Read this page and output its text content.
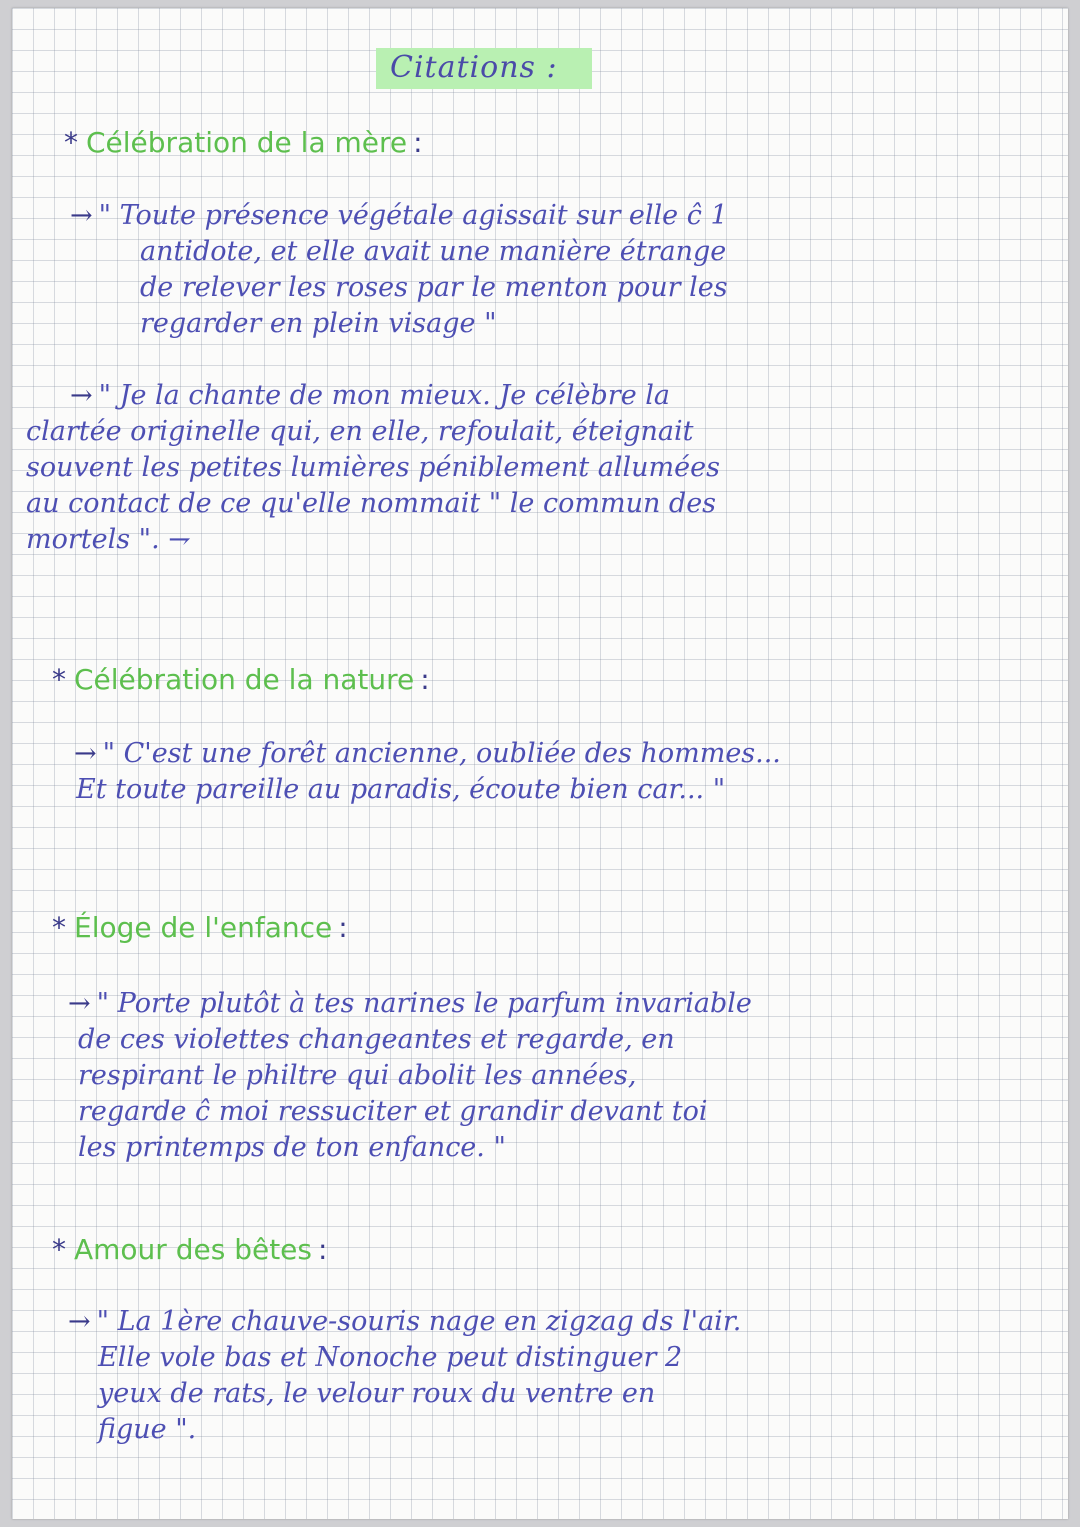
Citations :
* Célébration de la mère :
→ " Toute présence végétale agissait sur elle ĉ 1
antidote, et elle avait une manière étrange
de relever les roses par le menton pour les
regarder en plein visage "
→ " Je la chante de mon mieux. Je célèbre la
clartée originelle qui, en elle, refoulait, éteignait
souvent les petites lumières péniblement allumées
au contact de ce qu'elle nommait " le commun des
mortels ". ⇁
* Célébration de la nature :
→ " C'est une forêt ancienne, oubliée des hommes...
Et toute pareille au paradis, écoute bien car... "
* Éloge de l'enfance :
→ " Porte plutôt à tes narines le parfum invariable
de ces violettes changeantes et regarde, en
respirant le philtre qui abolit les années,
regarde ĉ moi ressuciter et grandir devant toi
les printemps de ton enfance. "
* Amour des bêtes :
→ " La 1ère chauve-souris nage en zigzag ds l'air.
Elle vole bas et Nonoche peut distinguer 2
yeux de rats, le velour roux du ventre en
figue ".
